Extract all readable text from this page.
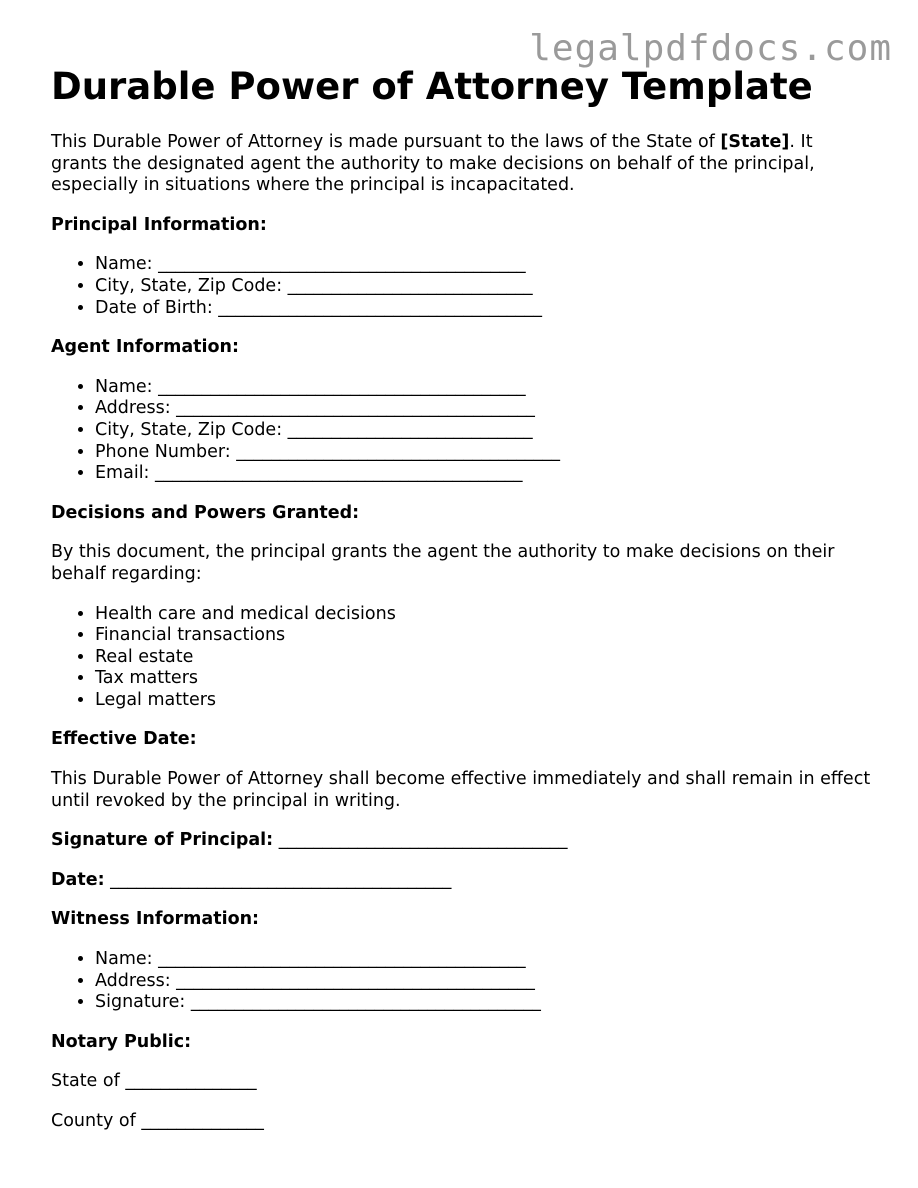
legalpdfdocs.com
Durable Power of Attorney Template

This Durable Power of Attorney is made pursuant to the laws of the State of [State]. It grants the designated agent the authority to make decisions on behalf of the principal, especially in situations where the principal is incapacitated.

Principal Information:

• Name: __________________________________________
• City, State, Zip Code: ____________________________
• Date of Birth: _____________________________________

Agent Information:

• Name: __________________________________________
• Address: _________________________________________
• City, State, Zip Code: ____________________________
• Phone Number: _____________________________________
• Email: __________________________________________

Decisions and Powers Granted:

By this document, the principal grants the agent the authority to make decisions on their behalf regarding:

• Health care and medical decisions
• Financial transactions
• Real estate
• Tax matters
• Legal matters

Effective Date:

This Durable Power of Attorney shall become effective immediately and shall remain in effect until revoked by the principal in writing.

Signature of Principal: _________________________________

Date: _______________________________________

Witness Information:

• Name: __________________________________________
• Address: _________________________________________
• Signature: ________________________________________

Notary Public:

State of _______________

County of ______________
